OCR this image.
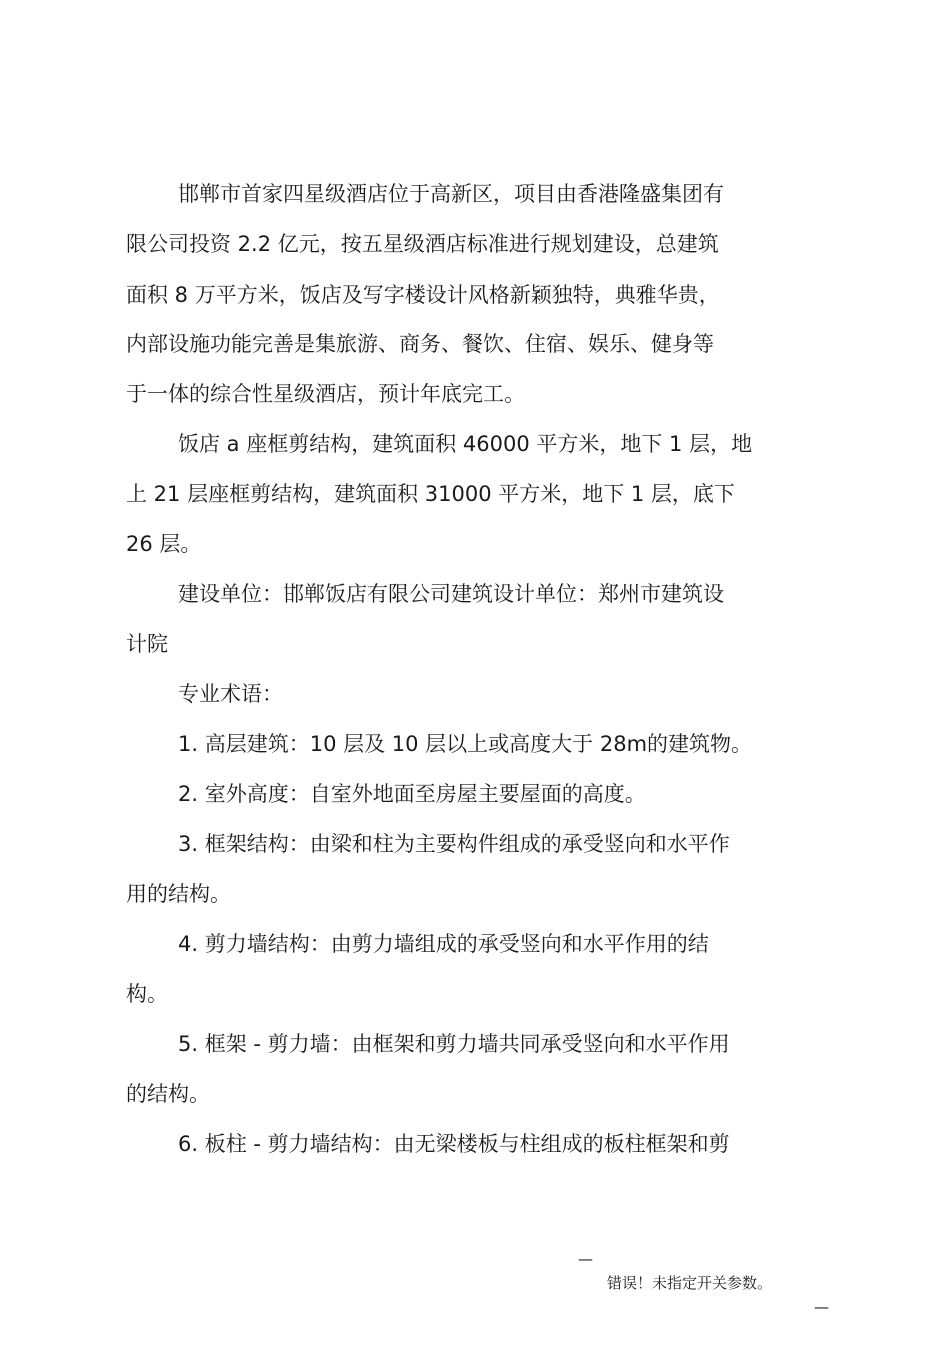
邯郸市首家四星级酒店位于高新区，项目由香港隆盛集团有
限公司投资 2.2 亿元，按五星级酒店标准进行规划建设，总建筑
面积 8 万平方米，饭店及写字楼设计风格新颖独特，典雅华贵，
内部设施功能完善是集旅游、商务、餐饮、住宿、娱乐、健身等
于一体的综合性星级酒店，预计年底完工。
饭店 a 座框剪结构，建筑面积 46000 平方米，地下 1 层，地
上 21 层座框剪结构，建筑面积 31000 平方米，地下 1 层，底下
26 层。
建设单位：邯郸饭店有限公司建筑设计单位：郑州市建筑设
计院
专业术语：
1. 高层建筑：10 层及 10 层以上或高度大于 28m的建筑物。
2. 室外高度：自室外地面至房屋主要屋面的高度。
3. 框架结构：由梁和柱为主要构件组成的承受竖向和水平作
用的结构。
4. 剪力墙结构：由剪力墙组成的承受竖向和水平作用的结
构。
5. 框架 - 剪力墙：由框架和剪力墙共同承受竖向和水平作用
的结构。
6. 板柱 - 剪力墙结构：由无梁楼板与柱组成的板柱框架和剪

—

错误！未指定开关参数。

—
